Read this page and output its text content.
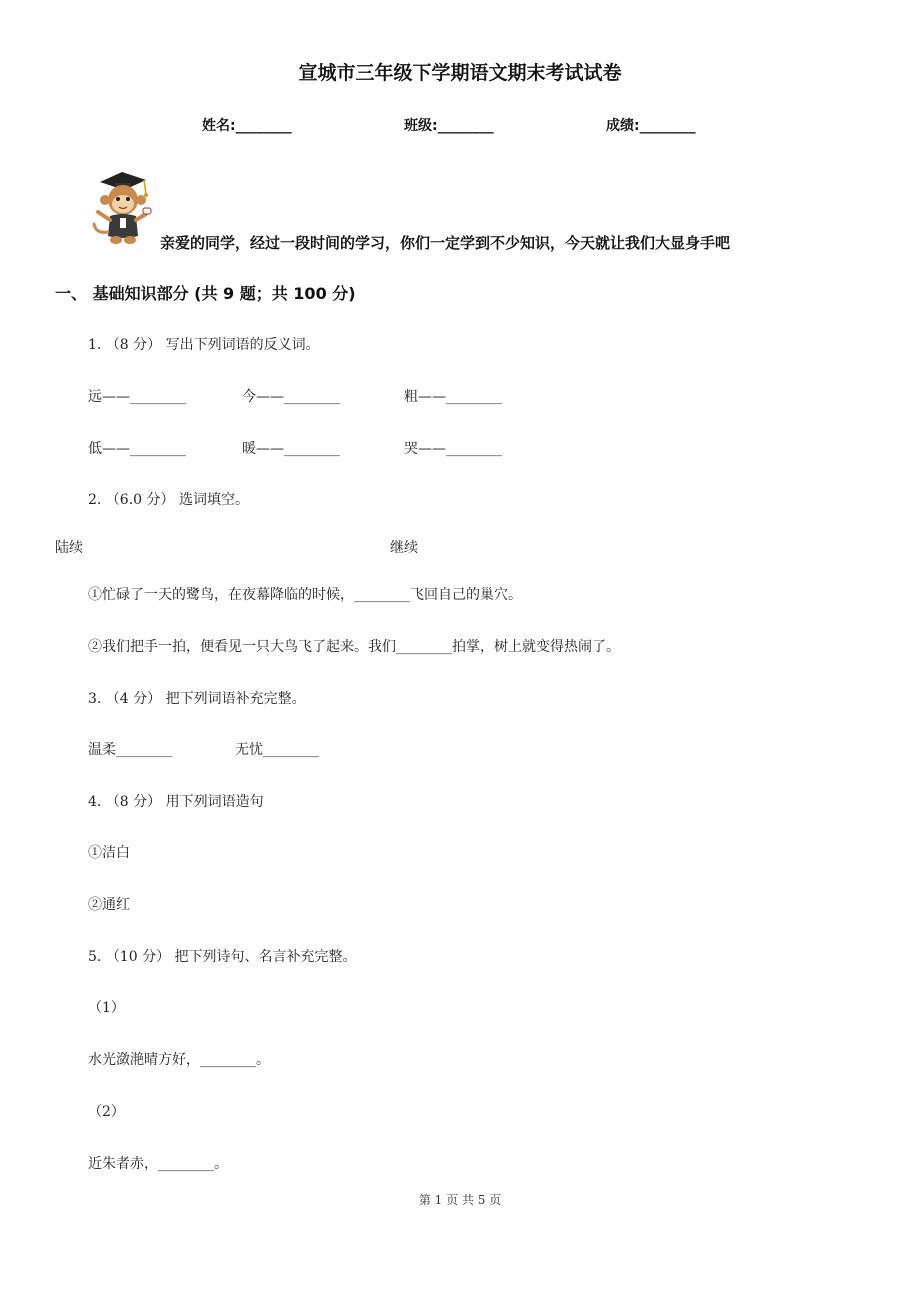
宣城市三年级下学期语文期末考试试卷
姓名:________	班级:________	成绩:________
亲爱的同学，经过一段时间的学习，你们一定学到不少知识，今天就让我们大显身手吧
一、 基础知识部分 (共 9 题；共 100 分)
1. （8 分） 写出下列词语的反义词。
远——________	今——________	粗——________
低——________	暖——________	哭——________
2. （6.0 分） 选词填空。
陆续	继续
①忙碌了一天的鹭鸟，在夜幕降临的时候，________飞回自己的巢穴。
②我们把手一拍，便看见一只大鸟飞了起来。我们________拍掌，树上就变得热闹了。
3. （4 分） 把下列词语补充完整。
温柔________	无忧________
4. （8 分） 用下列词语造句
①洁白
②通红
5. （10 分） 把下列诗句、名言补充完整。
（1）
水光潋滟晴方好，________。
（2）
近朱者赤，________。
第 1 页 共 5 页
